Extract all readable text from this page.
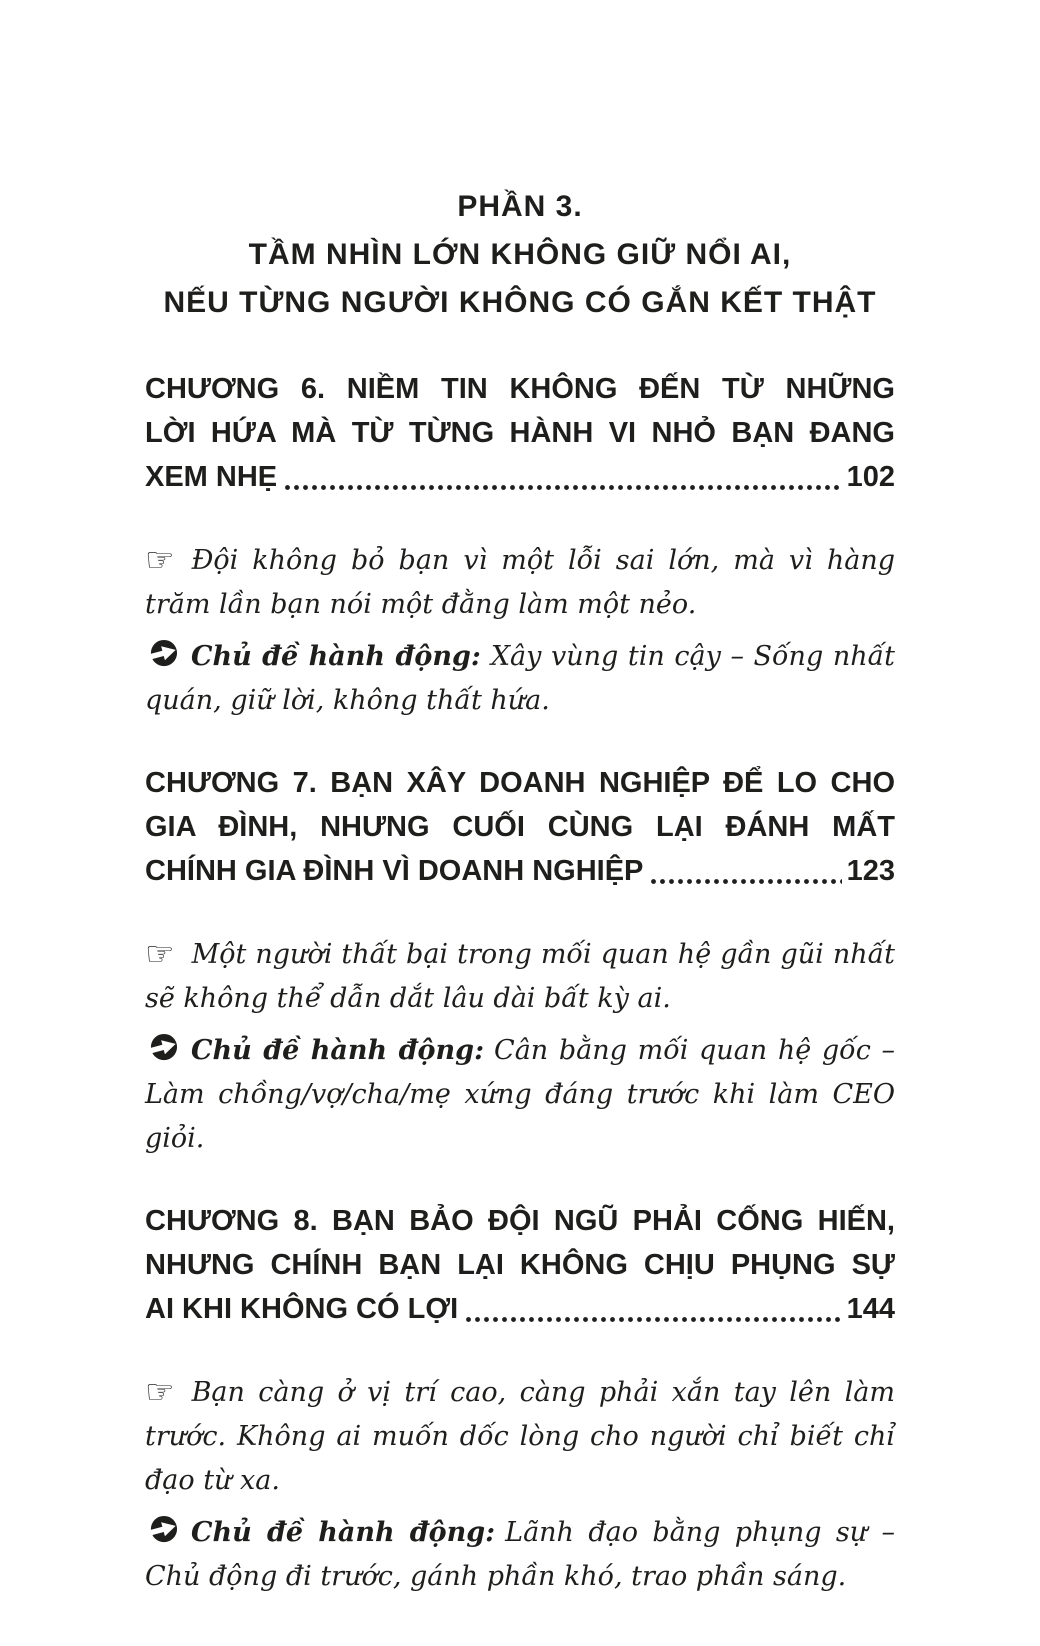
PHẦN 3.
TẦM NHÌN LỚN KHÔNG GIỮ NỔI AI,
NẾU TỪNG NGƯỜI KHÔNG CÓ GẮN KẾT THẬT
CHƯƠNG 6. NIỀM TIN KHÔNG ĐẾN TỪ NHỮNG
LỜI HỨA MÀ TỪ TỪNG HÀNH VI NHỎ BẠN ĐANG
XEM NHẸ	102

☞ Đội không bỏ bạn vì một lỗi sai lớn, mà vì hàng trăm lần bạn nói một đằng làm một nẻo.

Chủ đề hành động: Xây vùng tin cậy – Sống nhất quán, giữ lời, không thất hứa.

CHƯƠNG 7. BẠN XÂY DOANH NGHIỆP ĐỂ LO CHO
GIA ĐÌNH, NHƯNG CUỐI CÙNG LẠI ĐÁNH MẤT
CHÍNH GIA ĐÌNH VÌ DOANH NGHIỆP	123

☞ Một người thất bại trong mối quan hệ gần gũi nhất sẽ không thể dẫn dắt lâu dài bất kỳ ai.

Chủ đề hành động: Cân bằng mối quan hệ gốc – Làm chồng/vợ/cha/mẹ xứng đáng trước khi làm CEO giỏi.

CHƯƠNG 8. BẠN BẢO ĐỘI NGŨ PHẢI CỐNG HIẾN,
NHƯNG CHÍNH BẠN LẠI KHÔNG CHỊU PHỤNG SỰ
AI KHI KHÔNG CÓ LỢI	144

☞ Bạn càng ở vị trí cao, càng phải xắn tay lên làm trước. Không ai muốn dốc lòng cho người chỉ biết chỉ đạo từ xa.

Chủ đề hành động: Lãnh đạo bằng phụng sự – Chủ động đi trước, gánh phần khó, trao phần sáng.
